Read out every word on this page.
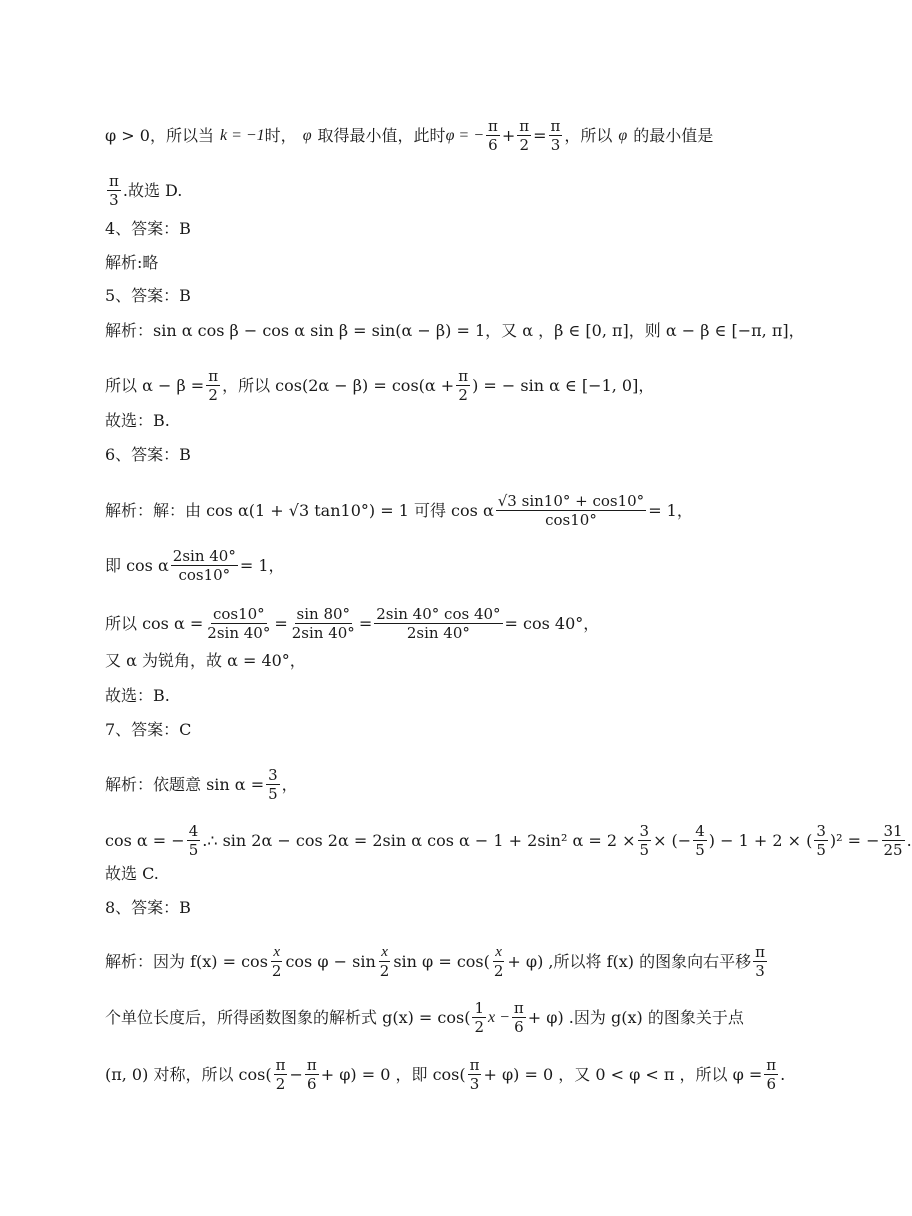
φ > 0，所以当 k = −1 时， φ 取得最小值，此时 φ = − $\frac{\pi}{6} + \frac{\pi}{2} = \frac{\pi}{3}$ ，所以 φ 的最小值是
$\frac{\pi}{3}$ .故选 D.
4、答案：B
解析:略
5、答案：B
解析：sin α cos β − cos α sin β = sin(α − β) = 1，又 α ，β ∈ [0, π]，则 α − β ∈ [−π, π]，
所以 $\alpha - \beta = \frac{\pi}{2}$ ，所以 $\cos(2\alpha - \beta) = \cos(\alpha + \frac{\pi}{2}$ ) = − sin α ∈ [−1, 0]，
故选：B.
6、答案：B
解析：解：由 cos α(1 + √3 tan10°) = 1 可得 cos α $\frac{√3 \sin 10^\circ + \cos 10^\circ}{\cos 10^\circ} = 1$，
即 cos α $\frac{2\sin 40^\circ}{\cos 10^\circ} = 1$，
所以 $\cos \alpha = \frac{\cos 10^\circ}{2\sin 40^\circ} = \frac{\sin 80^\circ}{2\sin 40^\circ} = \frac{2\sin 40^\circ \cos 40^\circ}{2\sin 40^\circ} = \cos 40^\circ$，
又 α 为锐角，故 α = 40°，
故选：B.
7、答案：C
解析：依题意 $\sin \alpha = \frac{3}{5}$ ，
cos α = − $\frac{4}{5}$ .∴ sin 2α − cos 2α = 2sin α cos α − 1 + 2sin² $\alpha = 2 \times \frac{3}{5}$ × (− $\frac{4}{5}$ ) − 1 + 2 × ( $\frac{3}{5} )^2$ = − $\frac{31}{25}$ .
故选 C.
8、答案：B
解析：因为 $f(x) = \cos \frac{x}{2}$ $\cos \varphi - \sin \frac{x}{2}$ $\sin \varphi = \cos( \frac{x}{2} + \varphi)$ ,所以将 f(x) 的图象向右平移 $\frac{\pi}{3}$
个单位长度后，所得函数图象的解析式 $g(x) = \cos( \frac{1}{2}$ $x - \frac{\pi}{6} + \varphi$) .因为 g(x) 的图象关于点
(π, 0) 对称，所以 $\cos( \frac{\pi}{2} - \frac{\pi}{6} + \varphi) = 0$ ，即 $\cos( \frac{\pi}{3} + \varphi) = 0$ ，又 0 < φ < π ，所以 $\varphi = \frac{\pi}{6}$ .
